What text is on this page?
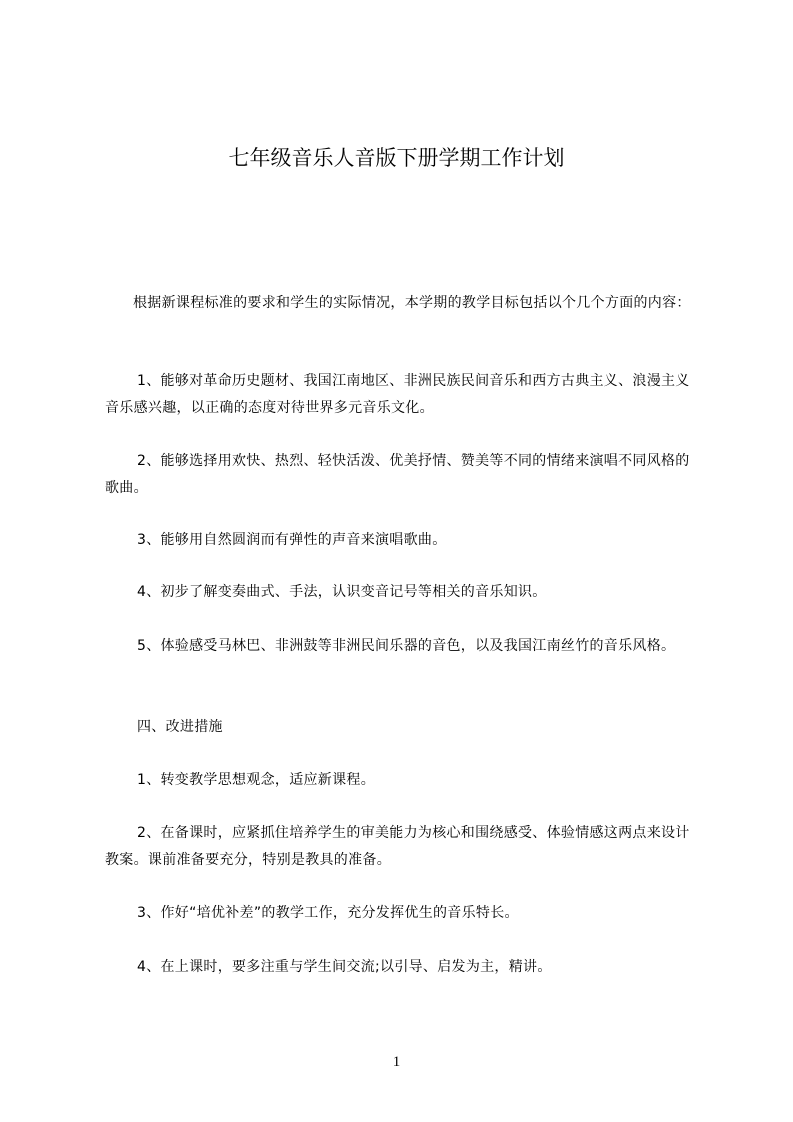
七年级音乐人音版下册学期工作计划
根据新课程标准的要求和学生的实际情况，本学期的教学目标包括以个几个方面的内容：
1、能够对革命历史题材、我国江南地区、非洲民族民间音乐和西方古典主义、浪漫主义音乐感兴趣，以正确的态度对待世界多元音乐文化。
2、能够选择用欢快、热烈、轻快活泼、优美抒情、赞美等不同的情绪来演唱不同风格的歌曲。
3、能够用自然圆润而有弹性的声音来演唱歌曲。
4、初步了解变奏曲式、手法，认识变音记号等相关的音乐知识。
5、体验感受马林巴、非洲鼓等非洲民间乐器的音色，以及我国江南丝竹的音乐风格。
四、改进措施
1、转变教学思想观念，适应新课程。
2、在备课时，应紧抓住培养学生的审美能力为核心和围绕感受、体验情感这两点来设计教案。课前准备要充分，特别是教具的准备。
3、作好“培优补差”的教学工作，充分发挥优生的音乐特长。
4、在上课时，要多注重与学生间交流;以引导、启发为主，精讲。
1
